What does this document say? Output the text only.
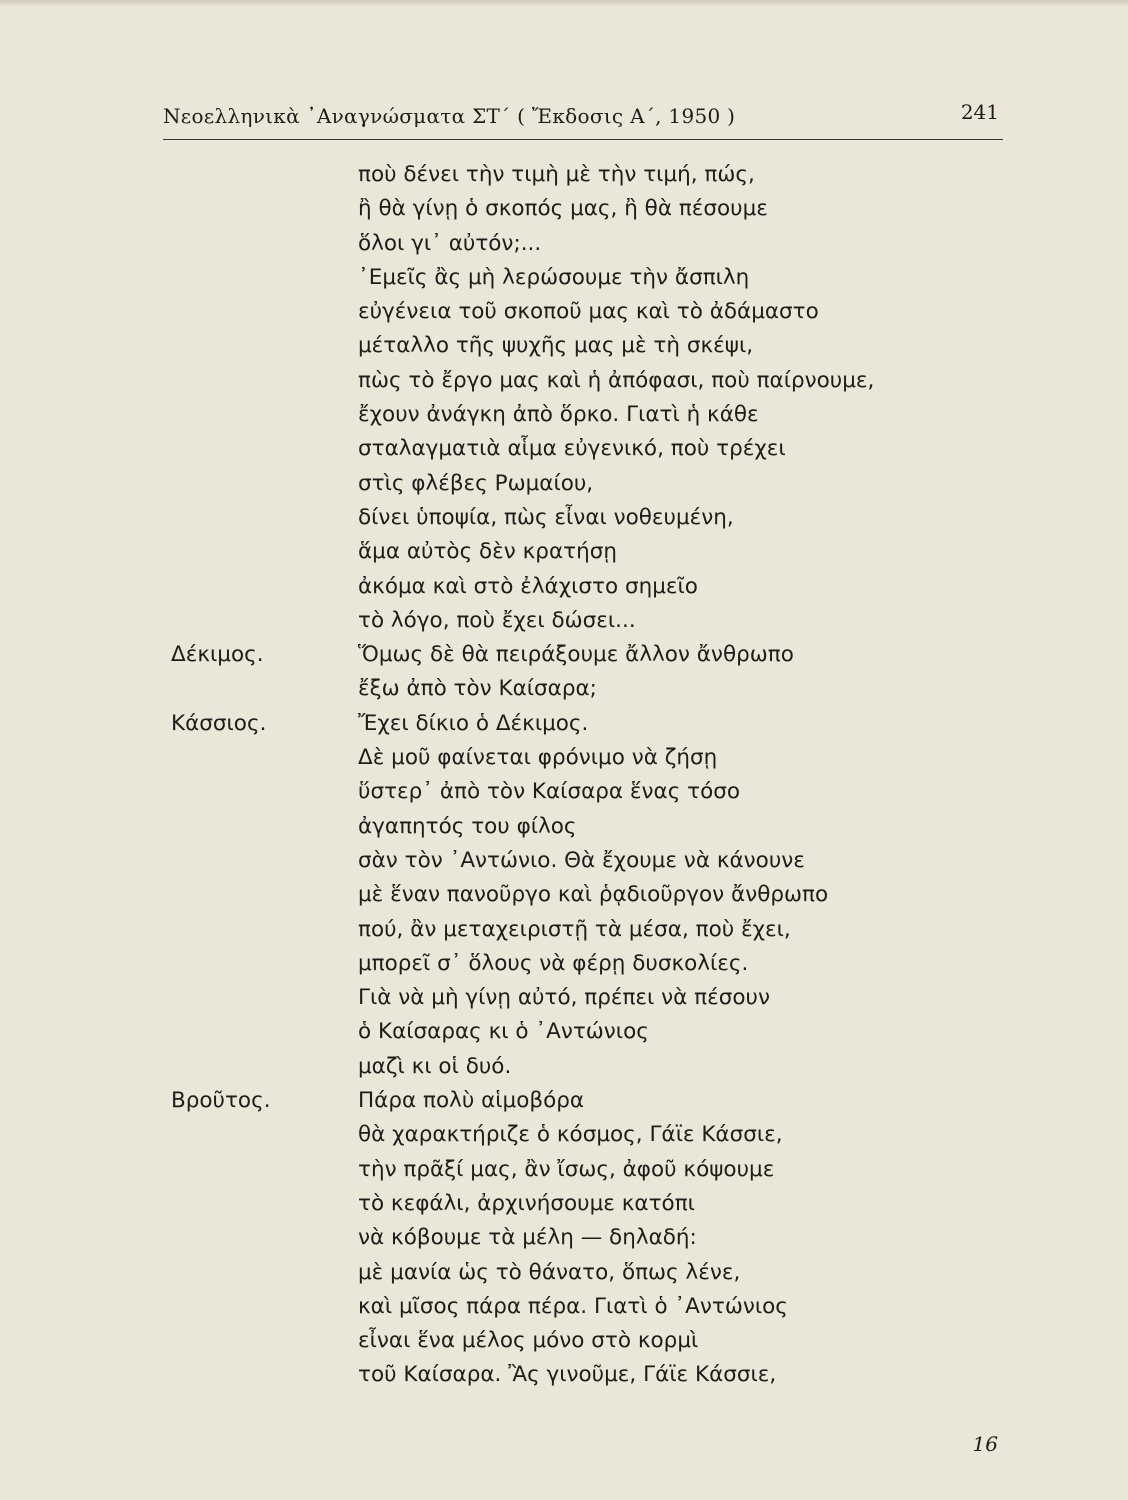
Νεοελληνικὰ ᾿Αναγνώσματα ΣΤ΄ ( Ἔκδοσις Α΄, 1950 )	241
ποὺ δένει τὴν τιμὴ μὲ τὴν τιμή, πώς,
ἢ θὰ γίνῃ ὁ σκοπός μας, ἢ θὰ πέσουμε
ὅλοι γι᾽ αὐτόν;...
᾿Εμεῖς ἂς μὴ λερώσουμε τὴν ἄσπιλη
εὐγένεια τοῦ σκοποῦ μας καὶ τὸ ἀδάμαστο
μέταλλο τῆς ψυχῆς μας μὲ τὴ σκέψι,
πὼς τὸ ἔργο μας καὶ ἡ ἀπόφασι, ποὺ παίρνουμε,
ἔχουν ἀνάγκη ἀπὸ ὅρκο. Γιατὶ ἡ κάθε
σταλαγματιὰ αἷμα εὐγενικό, ποὺ τρέχει
στὶς φλέβες Ρωμαίου,
δίνει ὑποψία, πὼς εἶναι νοθευμένη,
ἅμα αὐτὸς δὲν κρατήσῃ
ἀκόμα καὶ στὸ ἐλάχιστο σημεῖο
τὸ λόγο, ποὺ ἔχει δώσει...
Δέκιμος.	Ὅμως δὲ θὰ πειράξουμε ἄλλον ἄνθρωπο
ἔξω ἀπὸ τὸν Καίσαρα;
Κάσσιος.	Ἔχει δίκιο ὁ Δέκιμος.
Δὲ μοῦ φαίνεται φρόνιμο νὰ ζήσῃ
ὕστερ᾽ ἀπὸ τὸν Καίσαρα ἕνας τόσο
ἀγαπητός του φίλος
σὰν τὸν ᾿Αντώνιο. Θὰ ἔχουμε νὰ κάνουνε
μὲ ἕναν πανοῦργο καὶ ῥᾳδιοῦργον ἄνθρωπο
πού, ἂν μεταχειριστῇ τὰ μέσα, ποὺ ἔχει,
μπορεῖ σ᾽ ὅλους νὰ φέρῃ δυσκολίες.
Γιὰ νὰ μὴ γίνῃ αὐτό, πρέπει νὰ πέσουν
ὁ Καίσαρας κι ὁ ᾿Αντώνιος
μαζὶ κι οἱ δυό.
Βροῦτος.	Πάρα πολὺ αἱμοβόρα
θὰ χαρακτήριζε ὁ κόσμος, Γάϊε Κάσσιε,
τὴν πρᾶξί μας, ἂν ἴσως, ἀφοῦ κόψουμε
τὸ κεφάλι, ἀρχινήσουμε κατόπι
νὰ κόβουμε τὰ μέλη — δηλαδή:
μὲ μανία ὡς τὸ θάνατο, ὅπως λένε,
καὶ μῖσος πάρα πέρα. Γιατὶ ὁ ᾿Αντώνιος
εἶναι ἕνα μέλος μόνο στὸ κορμὶ
τοῦ Καίσαρα. Ἂς γινοῦμε, Γάϊε Κάσσιε,
16
